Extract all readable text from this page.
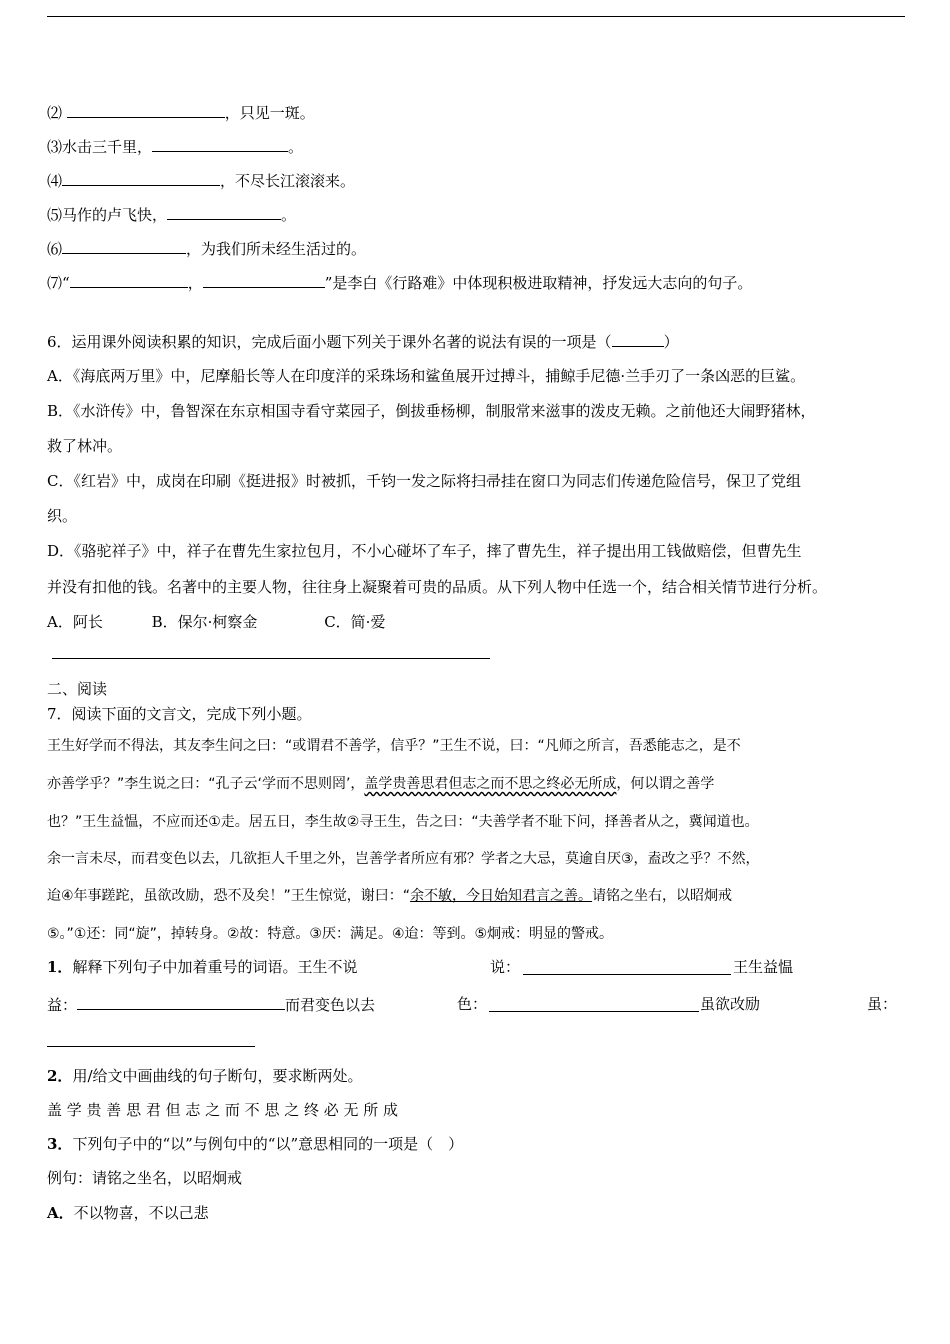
⑵	，只见一斑。
⑶水击三千里，	。
⑷	，不尽长江滚滚来。
⑸马作的卢飞快，	。
⑹	，为我们所未经生活过的。
⑺“	，	”是李白《行路难》中体现积极进取精神，抒发远大志向的句子。
6．运用课外阅读积累的知识，完成后面小题下列关于课外名著的说法有误的一项是（	）
A．《海底两万里》中，尼摩船长等人在印度洋的采珠场和鲨鱼展开过搏斗，捕鲸手尼德·兰手刃了一条凶恶的巨鲨。
B．《水浒传》中，鲁智深在东京相国寺看守菜园子，倒拔垂杨柳，制服常来滋事的泼皮无赖。之前他还大闹野猪林，
救了林冲。
C．《红岩》中，成岗在印刷《挺进报》时被抓，千钧一发之际将扫帚挂在窗口为同志们传递危险信号，保卫了党组
织。
D．《骆驼祥子》中，祥子在曹先生家拉包月，不小心碰坏了车子，摔了曹先生，祥子提出用工钱做赔偿，但曹先生
并没有扣他的钱。名著中的主要人物，往往身上凝聚着可贵的品质。从下列人物中任选一个，结合相关情节进行分析。
A．阿长	B．保尔·柯察金	C．简·爱
二、阅读
7．阅读下面的文言文，完成下列小题。
王生好学而不得法，其友李生问之曰：“或谓君不善学，信乎？”王生不说，曰：“凡师之所言，吾悉能志之，是不
亦善学乎？”李生说之曰：“孔子云‘学而不思则罔’，盖学贵善思君但志之而不思之终必无所成，何以谓之善学
也？”王生益愠，不应而还①走。居五日，李生故②寻王生，告之曰：“夫善学者不耻下问，择善者从之，冀闻道也。
余一言未尽，而君变色以去，几欲拒人千里之外，岂善学者所应有邪？学者之大忌，莫逾自厌③，盍改之乎？不然，
迨④年事蹉跎，虽欲改励，恐不及矣！”王生惊觉，谢曰：“余不敏，今日始知君言之善。请铭之坐右，以昭炯戒
⑤。”①还：同“旋”，掉转身。②故：特意。③厌：满足。④迨：等到。⑤炯戒：明显的警戒。
1．解释下列句子中加着重号的词语。王生不说	说：	王生益愠
益：	而君变色以去	色：	虽欲改励	虽：
2．用/给文中画曲线的句子断句，要求断两处。
盖 学 贵 善 思 君 但 志 之 而 不 思 之 终 必 无 所 成
3．下列句子中的“以”与例句中的“以”意思相同的一项是（　）
例句：请铭之坐名，以昭炯戒
A．不以物喜，不以己悲
